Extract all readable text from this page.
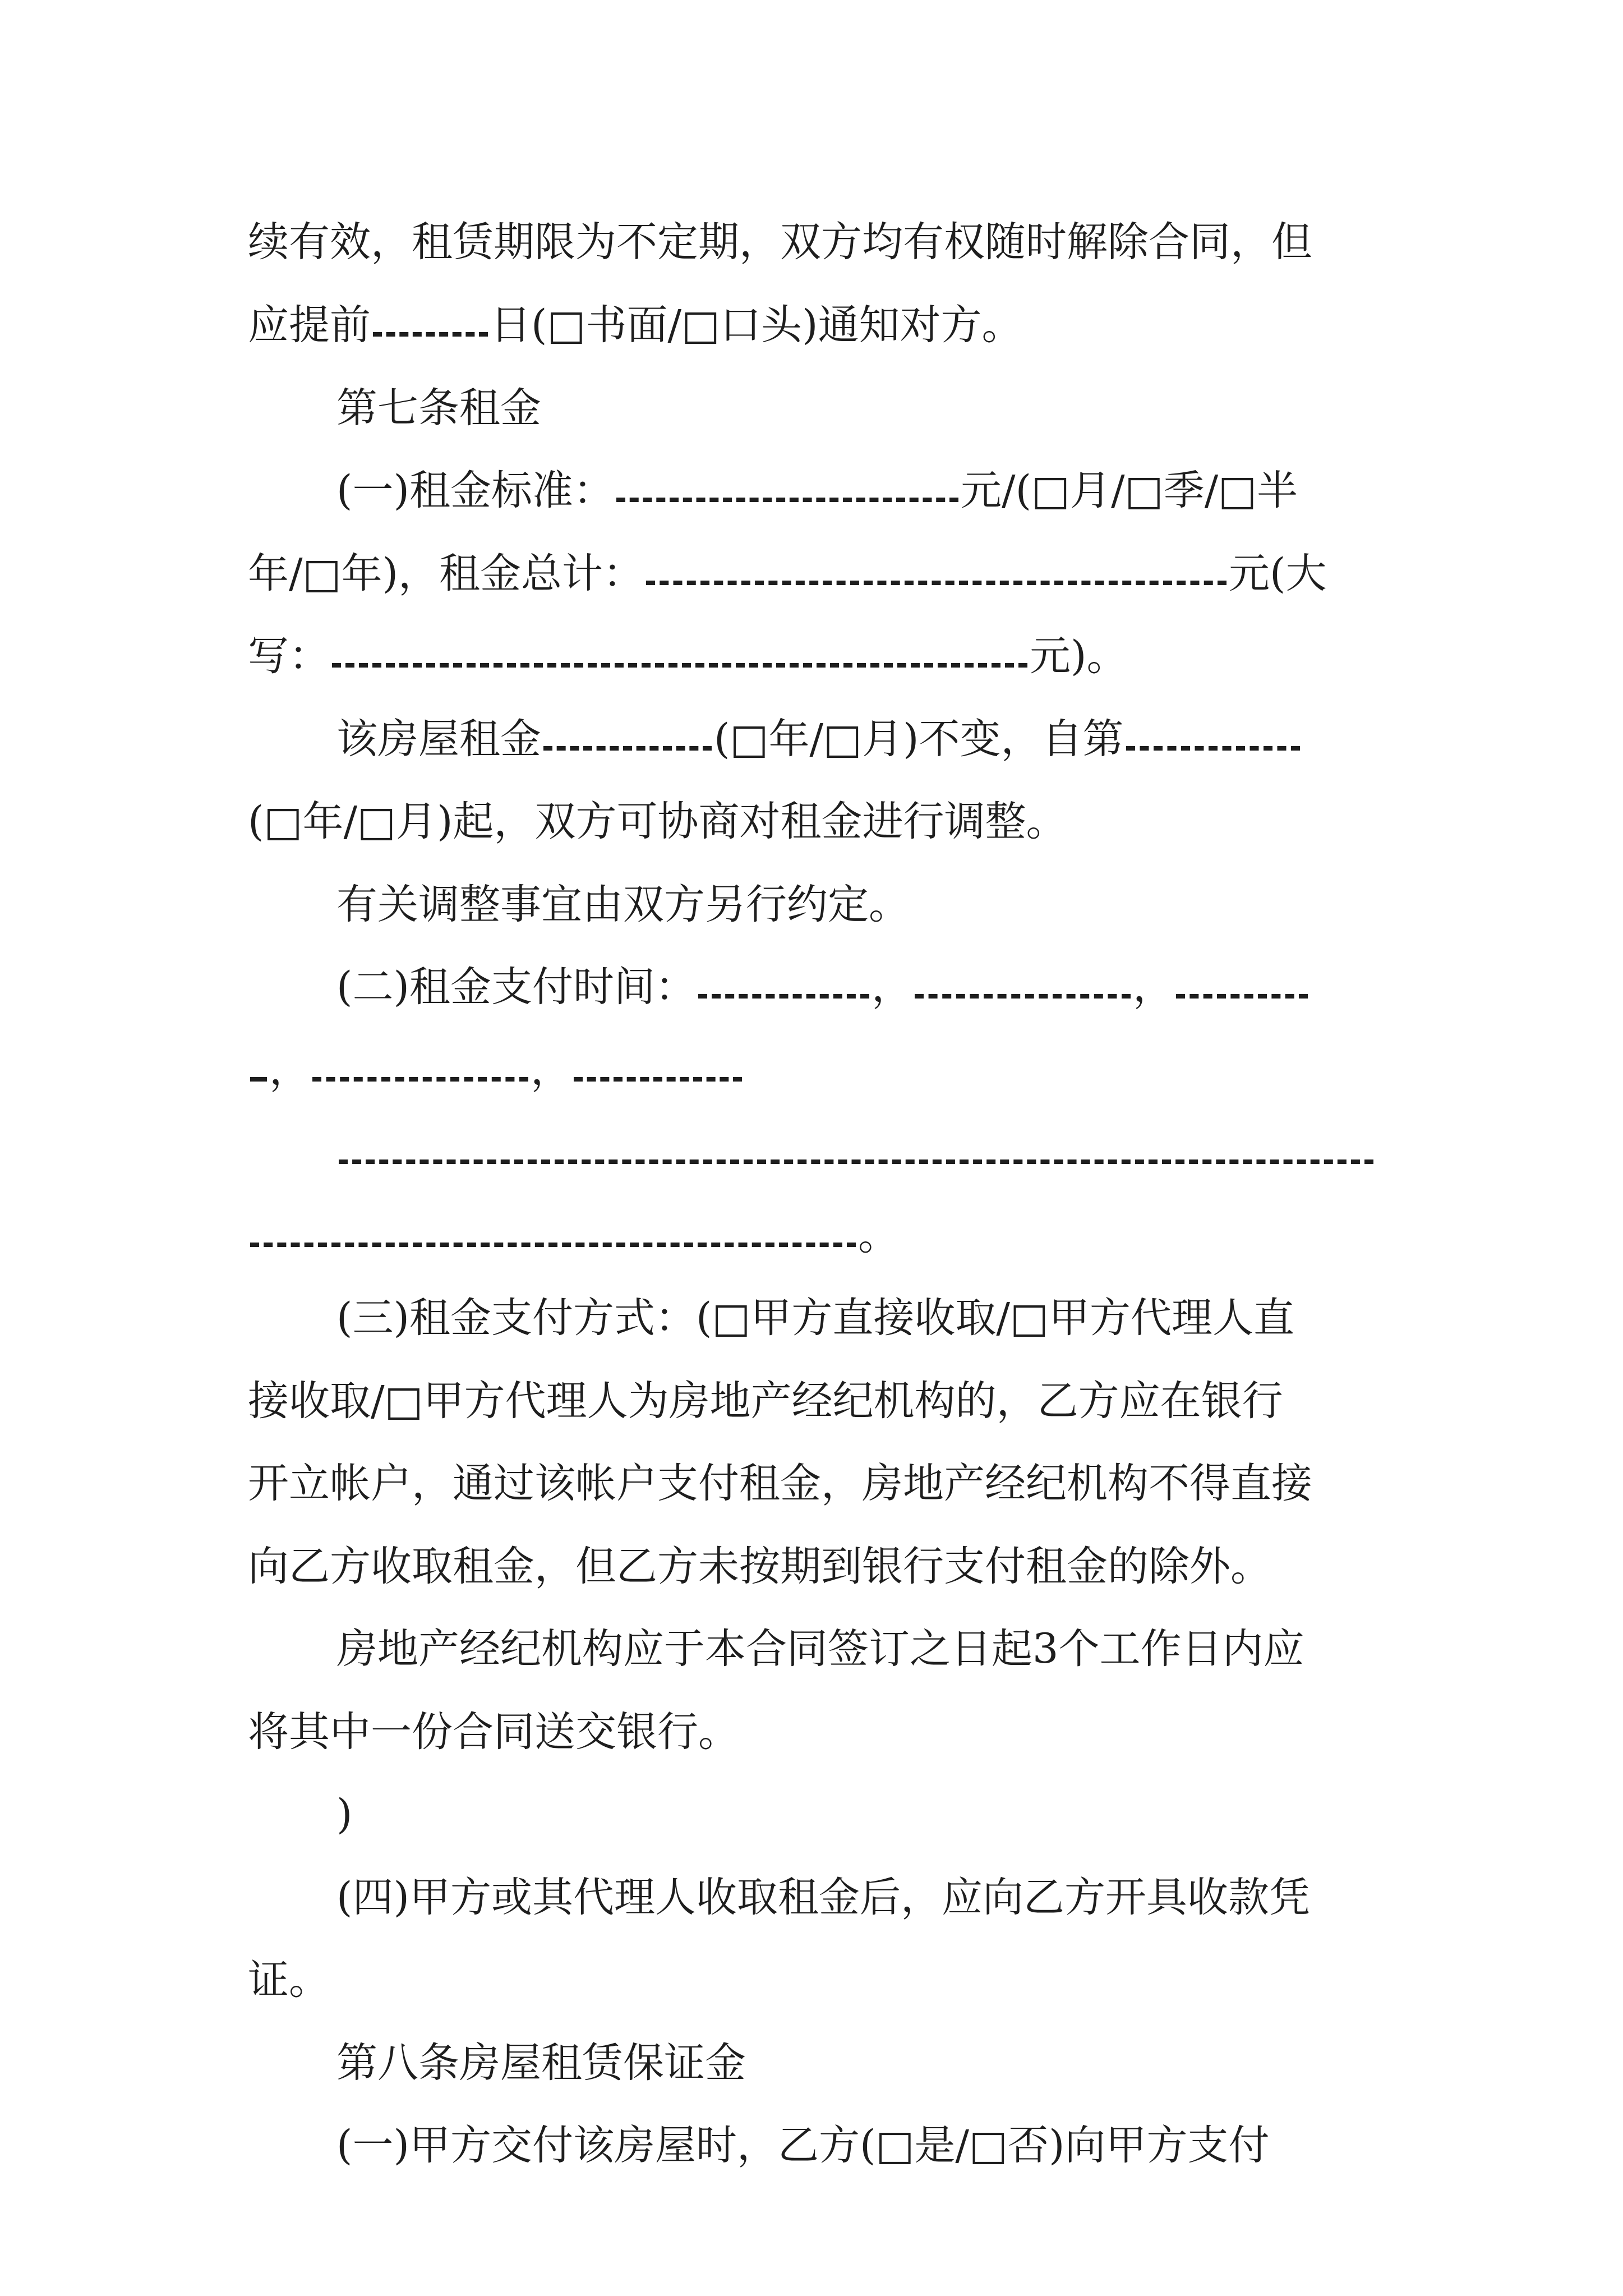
续有效，租赁期限为不定期，双方均有权随时解除合同，但
应提前	日(□书面/□口头)通知对方。
第七条租金
(一)租金标准：	元/(□月/□季/□半
年/□年)，租金总计：	元(大
写：	元)。
该房屋租金	(□年/□月)不变，自第
(□年/□月)起，双方可协商对租金进行调整。
有关调整事宜由双方另行约定。
(二)租金支付时间：	，	，
，	，
。
(三)租金支付方式：(□甲方直接收取/□甲方代理人直
接收取/□甲方代理人为房地产经纪机构的，乙方应在银行
开立帐户，通过该帐户支付租金，房地产经纪机构不得直接
向乙方收取租金，但乙方未按期到银行支付租金的除外。
房地产经纪机构应于本合同签订之日起3个工作日内应
将其中一份合同送交银行。
)
(四)甲方或其代理人收取租金后，应向乙方开具收款凭
证。
第八条房屋租赁保证金
(一)甲方交付该房屋时，乙方(□是/□否)向甲方支付
